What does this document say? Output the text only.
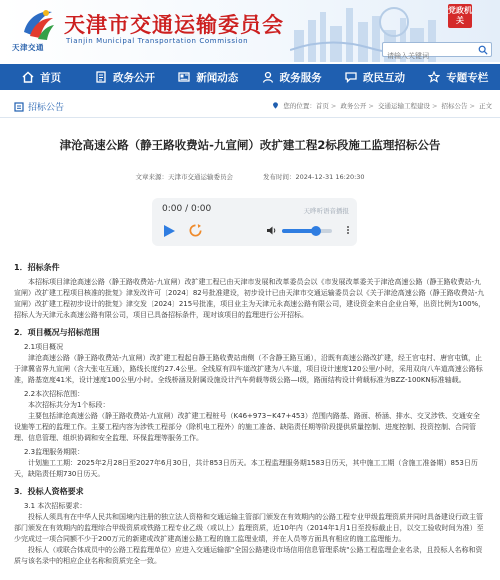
天津交通
天津市交通运输委员会
Tianjin Municipal Transportation Commission
党政机关
请输入关键词
首页	政务公开	新闻动态	政务服务	政民互动	专题专栏
招标公告	您的位置：首页 > 政务公开 > 交通运输工程建设 > 招标公告 > 正文
津沧高速公路（静王路收费站-九宣闸）改扩建工程2标段施工监理招标公告
文章来源：天津市交通运输委员会	发布时间：2024-12-31 16:20:30
0:00 / 0:00	天晔听语音播报
1．招标条件
本招标项目津沧高速公路（静王路收费站-九宣闸）改扩建工程已由天津市发展和改革委员会以《市发展改革委关于津沧高速公路（静王路收费站-九宣闸）改扩建工程项目核准的批复》津发改许可〔2024〕82号批准建设，初步设计已由天津市交通运输委员会以《关于津沧高速公路（静王路收费站-九宣闸）改扩建工程初步设计的批复》津交发〔2024〕215号批准，项目业主为天津元永高速公路有限公司，建设资金来自企业自筹，出资比例为100%，招标人为天津元永高速公路有限公司，项目已具备招标条件，现对该项目的监理进行公开招标。
2．项目概况与招标范围
2.1项目概况
津沧高速公路（静王路收费站-九宣闸）改扩建工程起自静王路收费站南侧（不含静王路互通），沿既有高速公路改扩建，经王官屯村、唐官屯镇，止于津冀省界九宣闸（含大张屯互通），路线长度约27.4公里。全线原有四车道改扩建为八车道，项目设计速度120公里/小时，采用双向八车道高速公路标准，路基宽度41米，设计速度100公里/小时。全线桥涵及附属设施设计汽车荷载等级公路—I级，路面结构设计荷载标准为BZZ-100KN标准轴载。
2.2本次招标范围：
本次招标共分为1个标段：
主要包括津沧高速公路（静王路收费站-九宣闸）改扩建工程桩号（K46+973~K47+453）范围内路基、路面、桥涵、排水、交叉涉铁、交通安全设施等工程的监理工作。主要工程内容为涉铁工程部分（除机电工程外）的施工准备、缺陷责任期等阶段提供质量控制、进度控制、投资控制、合同管理、信息管理、组织协调和安全监理、环保监理等服务工作。
2.3监理服务期限：
计划施工工期：2025年2月28日至2027年6月30日，共计853日历天。本工程监理服务期1583日历天，其中施工工期（含施工准备期）853日历天，缺陷责任期730日历天。
3．投标人资格要求
3.1 本次招标要求：
投标人须具有在中华人民共和国境内注册的独立法人资格和交通运输主管部门颁发在有效期内的公路工程专业甲级监理资质并同时具备建设行政主管部门颁发在有效期内的监理综合甲级资质或铁路工程专业乙级（或以上）监理资质，近10年内（2014年1月1日至投标截止日，以交工验收时间为准）至少完成过一项合同额不少于200万元的新建或改扩建高速公路工程的施工监理业绩，并在人员等方面具有相应的施工监理能力。
投标人（或联合体成员中的公路工程监理单位）应进入交通运输部"全国公路建设市场信用信息管理系统"公路工程监理企业名录，且投标人名称和资质与该名录中的相应企业名称和资质完全一致。
